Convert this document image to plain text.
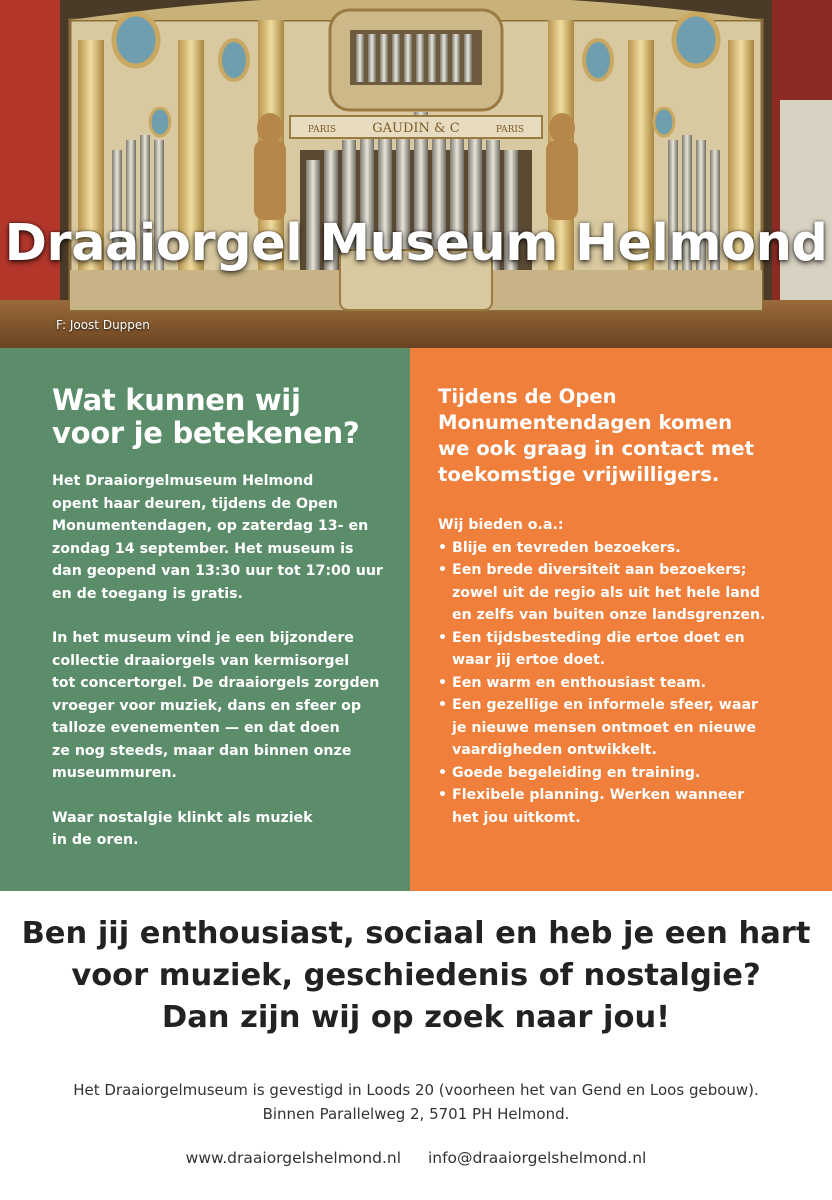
GAUDIN & C
PARIS	PARIS
Draaiorgel Museum Helmond
F: Joost Duppen
Wat kunnen wij
voor je betekenen?

Het Draaiorgelmuseum Helmond
opent haar deuren, tijdens de Open
Monumentendagen, op zaterdag 13- en
zondag 14 september. Het museum is
dan geopend van 13:30 uur tot 17:00 uur
en de toegang is gratis.

In het museum vind je een bijzondere
collectie draaiorgels van kermisorgel
tot concertorgel. De draaiorgels zorgden
vroeger voor muziek, dans en sfeer op
talloze evenementen — en dat doen
ze nog steeds, maar dan binnen onze
museummuren.

Waar nostalgie klinkt als muziek
in de oren.

Tijdens de Open
Monumentendagen komen
we ook graag in contact met
toekomstige vrijwilligers.
Wij bieden o.a.:
• Blije en tevreden bezoekers.
• Een brede diversiteit aan bezoekers;
zowel uit de regio als uit het hele land
en zelfs van buiten onze landsgrenzen.
• Een tijdsbesteding die ertoe doet en
waar jij ertoe doet.
• Een warm en enthousiast team.
• Een gezellige en informele sfeer, waar
je nieuwe mensen ontmoet en nieuwe
vaardigheden ontwikkelt.
• Goede begeleiding en training.
• Flexibele planning. Werken wanneer
het jou uitkomt.
Ben jij enthousiast, sociaal en heb je een hart
voor muziek, geschiedenis of nostalgie?
Dan zijn wij op zoek naar jou!
Het Draaiorgelmuseum is gevestigd in Loods 20 (voorheen het van Gend en Loos gebouw).
Binnen Parallelweg 2, 5701 PH Helmond.
www.draaiorgelshelmond.nl info@draaiorgelshelmond.nl
